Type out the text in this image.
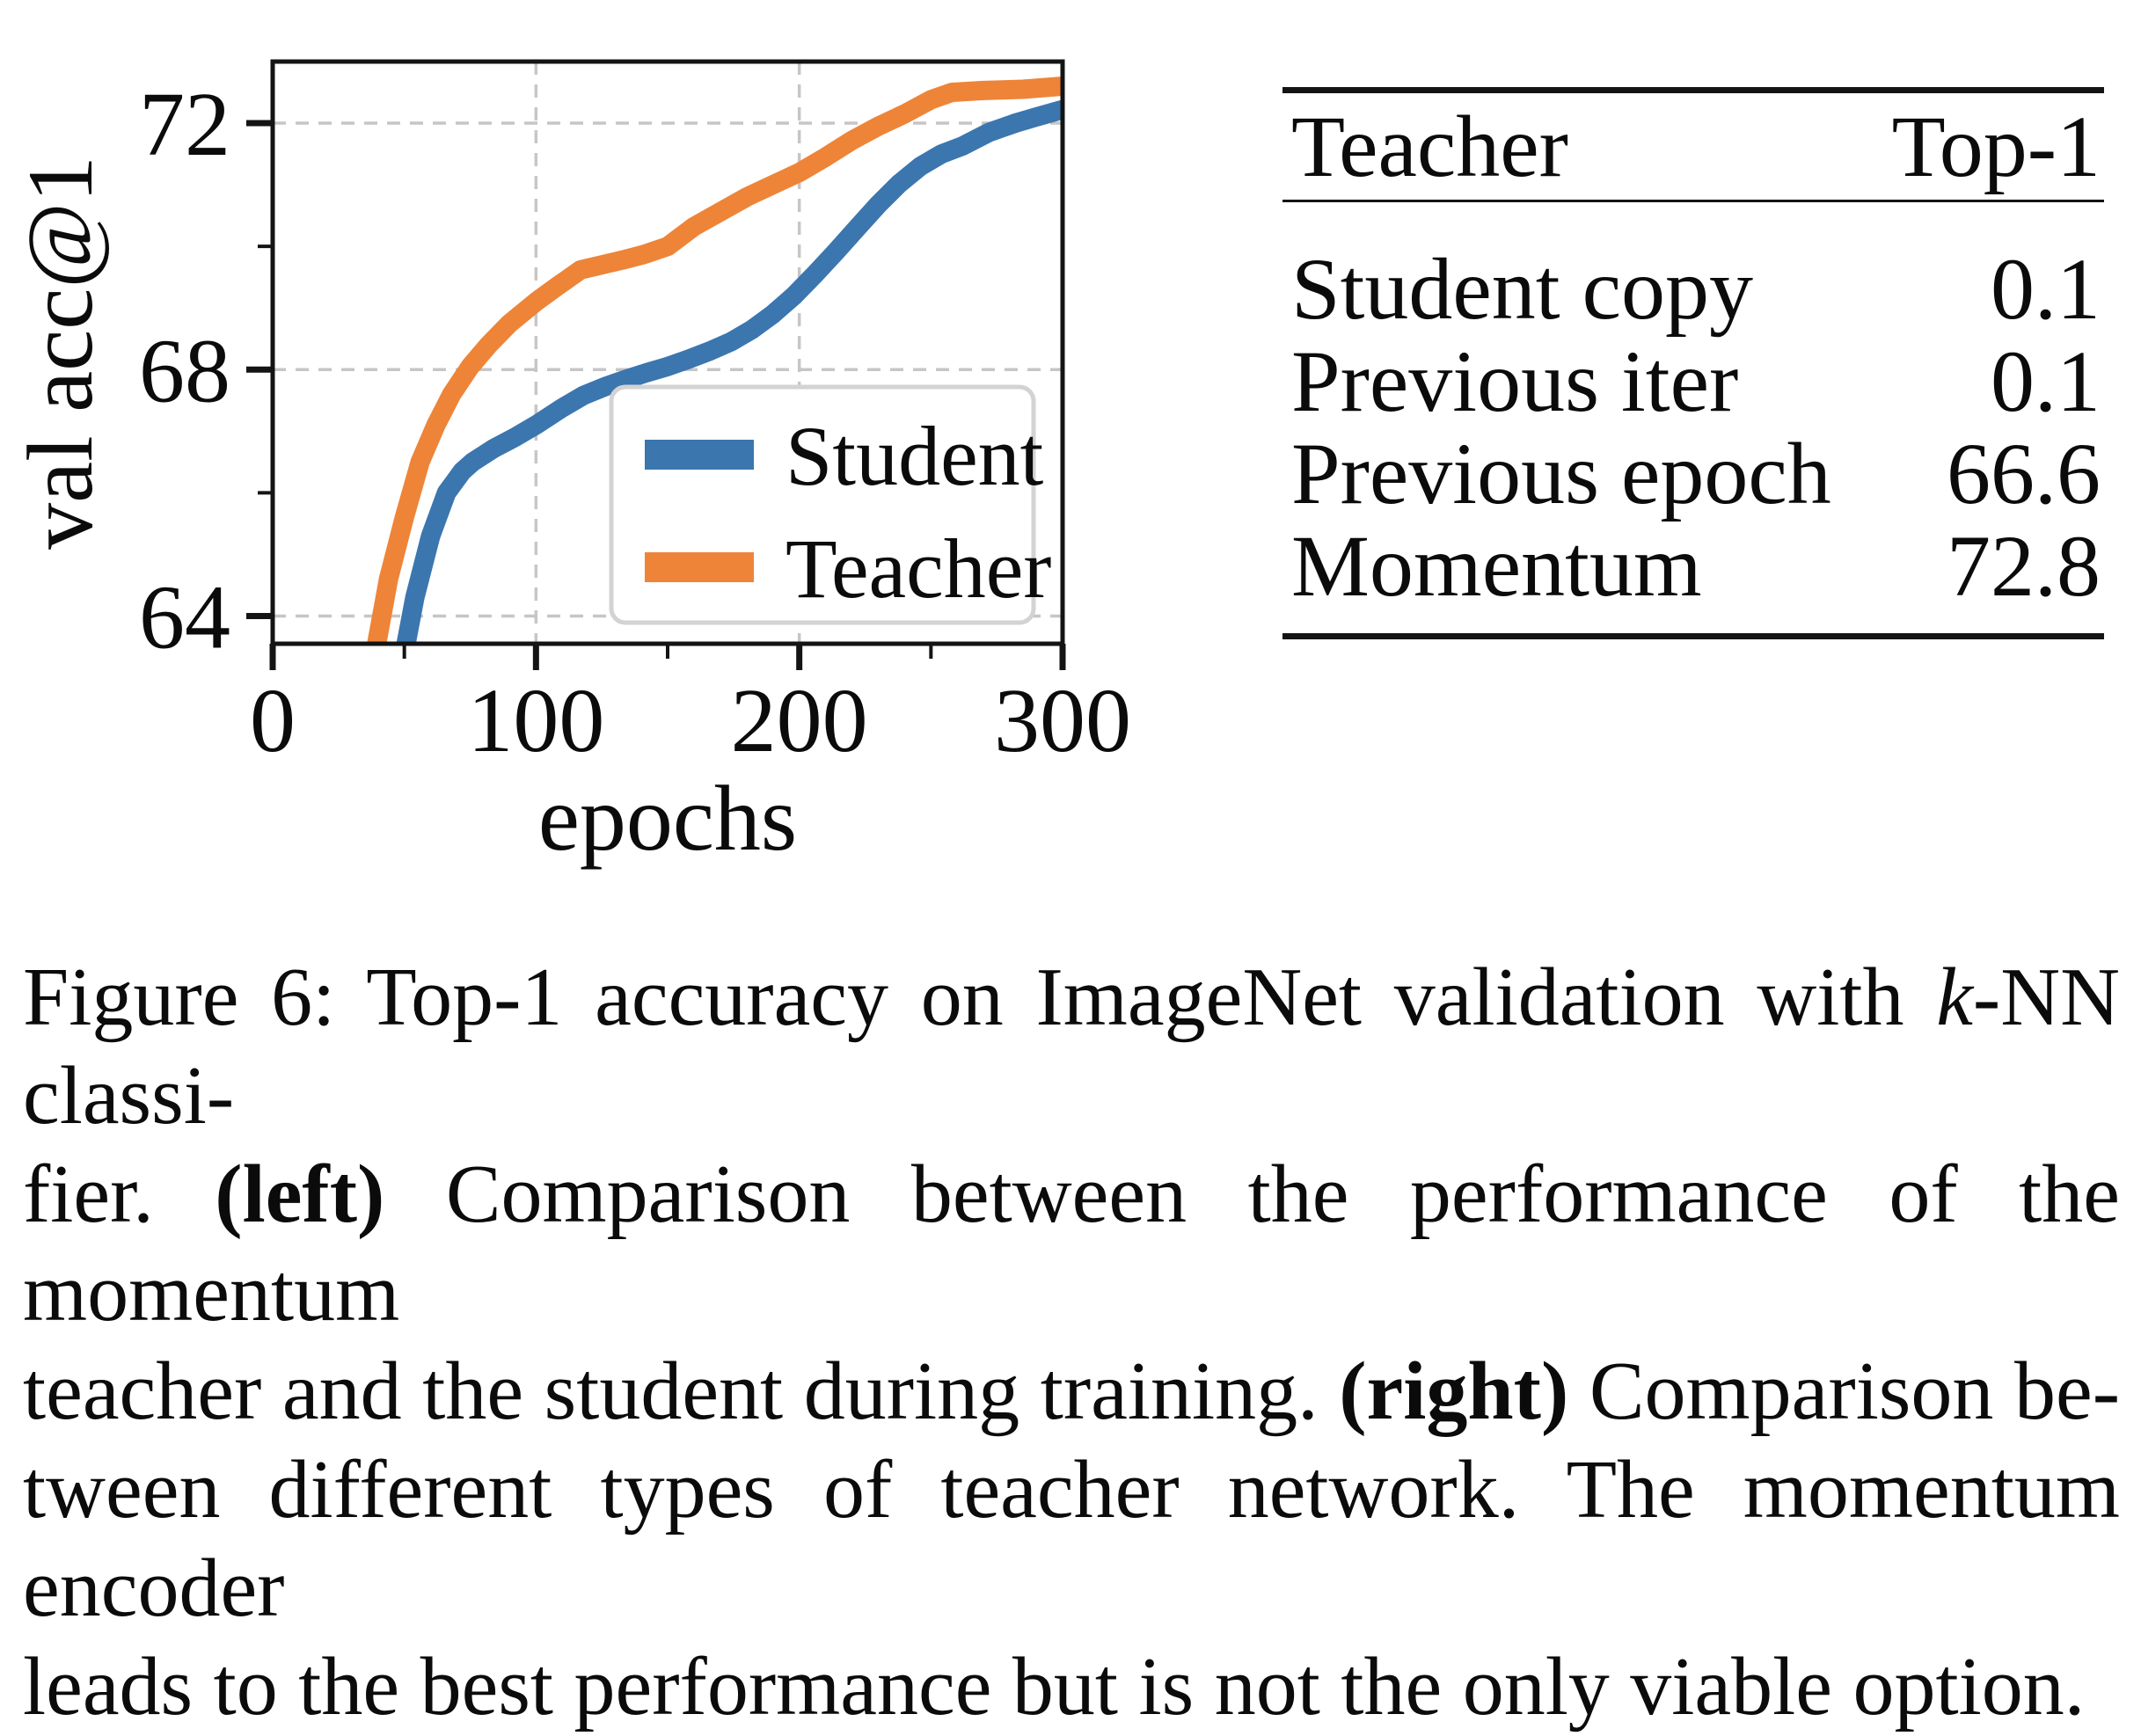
64
68
72
0 100 200 300
epochs
val acc@1	Student
Teacher
Teacher	Top-1
Student copy	0.1
Previous iter	0.1
Previous epoch 66.6
Momentum	72.8
Figure 6: Top-1 accuracy on ImageNet validation with k-NN classi-
fier. (left) Comparison between the performance of the momentum
teacher and the student during training. (right) Comparison be-
tween different types of teacher network. The momentum encoder
leads to the best performance but is not the only viable option.
